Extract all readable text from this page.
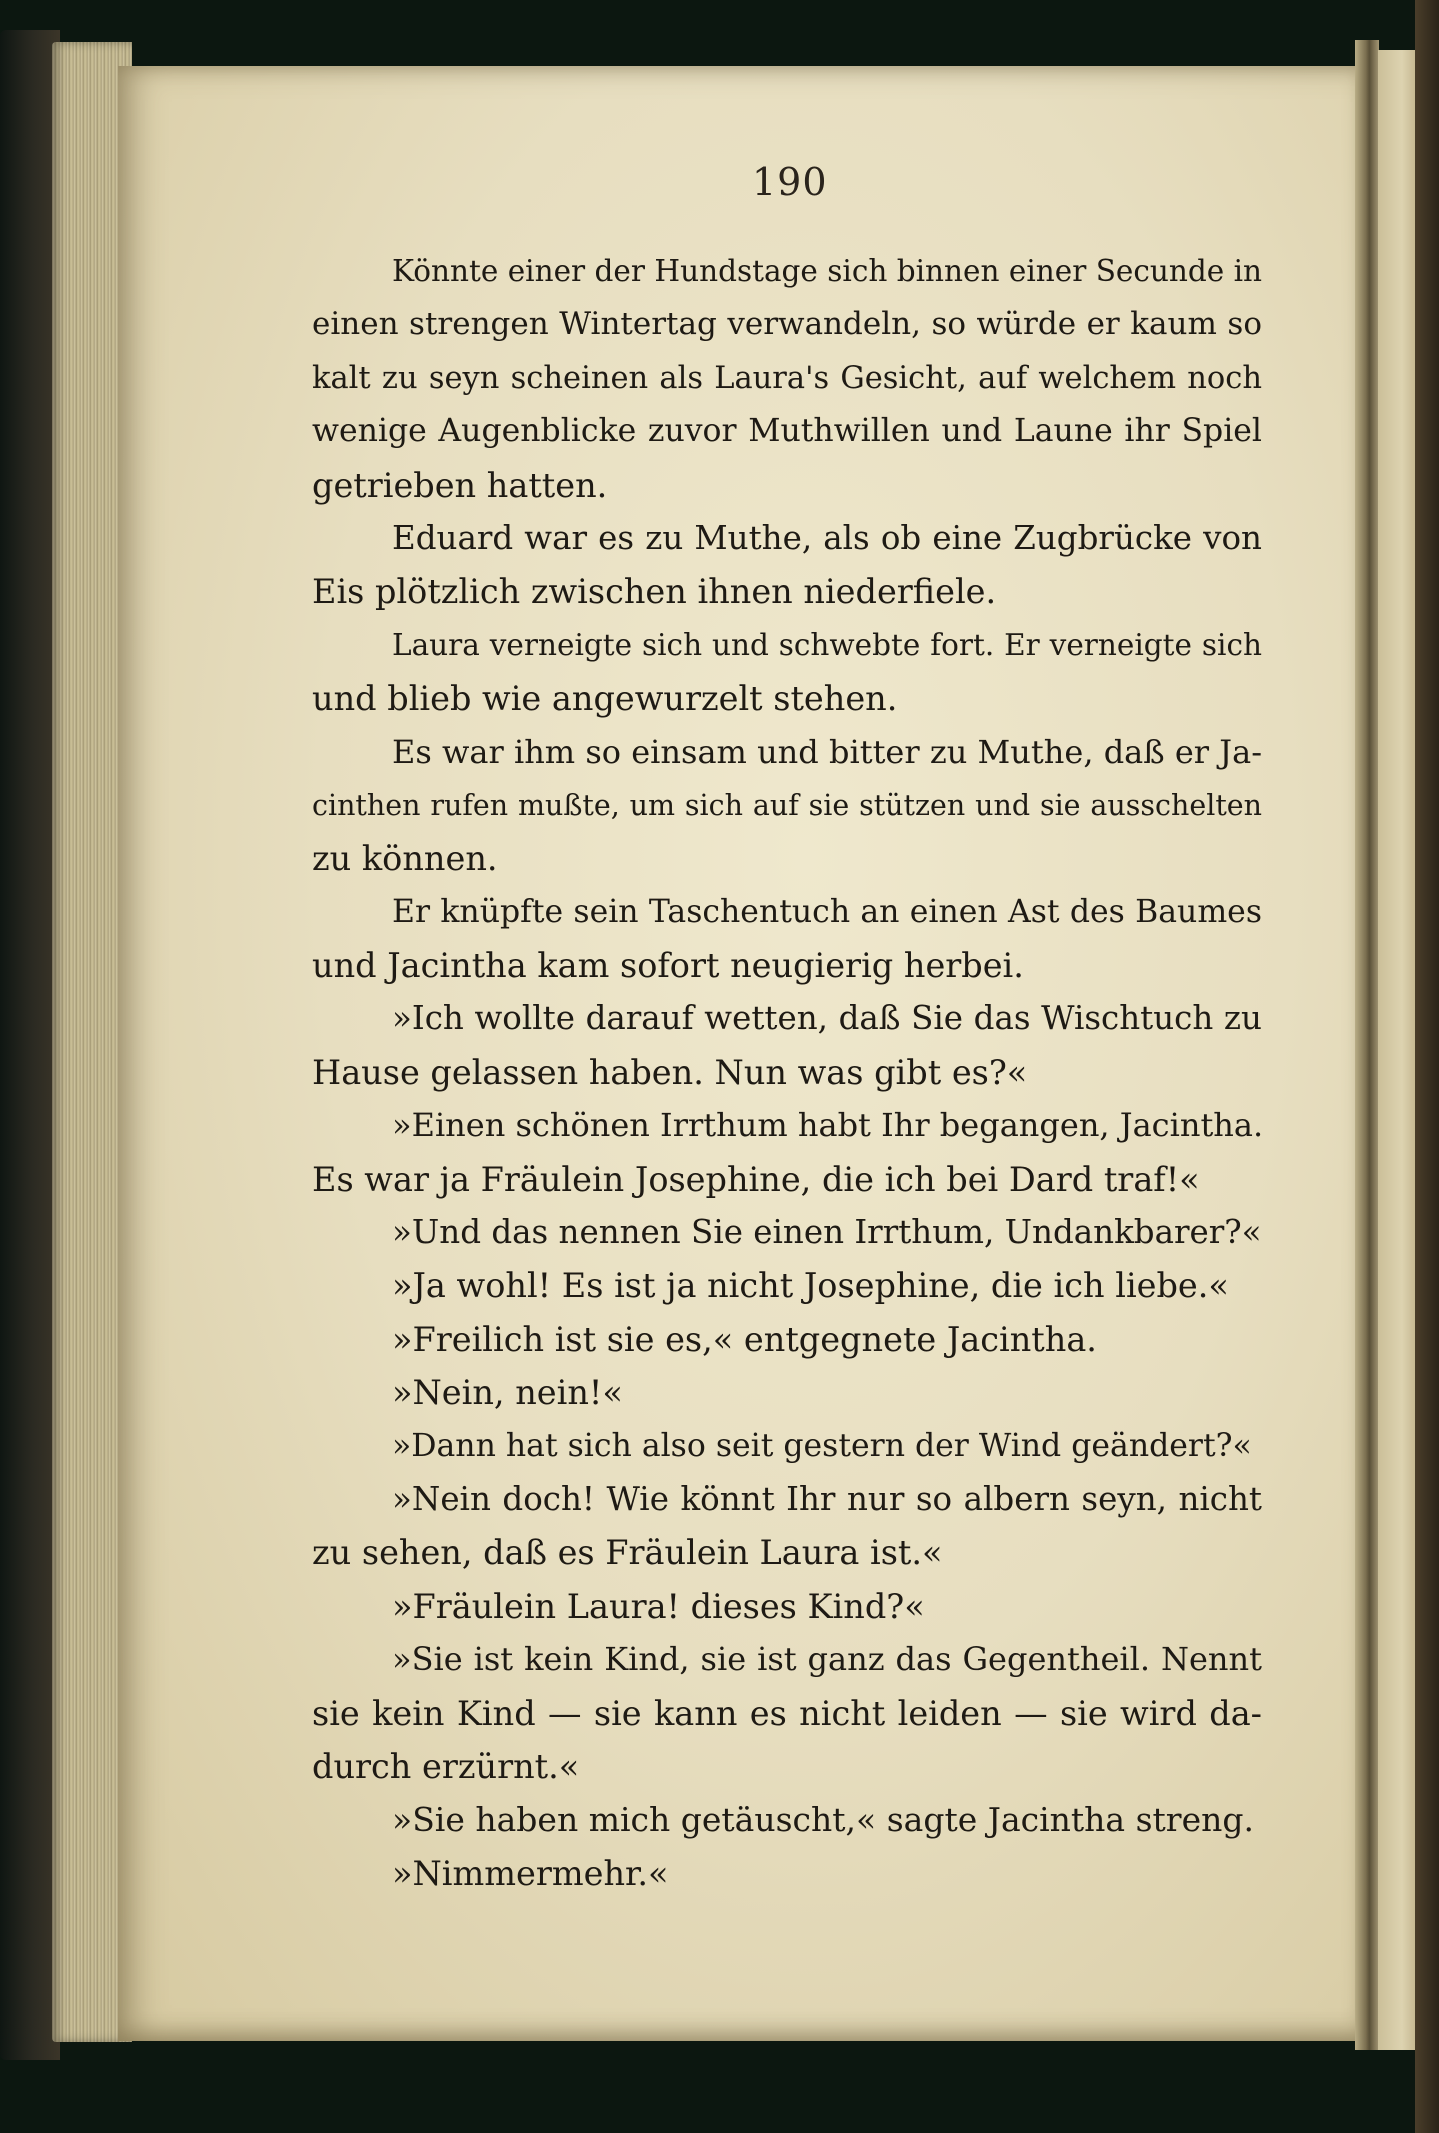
190
Könnte einer der Hundstage sich binnen einer Secunde in
einen strengen Wintertag verwandeln, so würde er kaum so
kalt zu seyn scheinen als Laura's Gesicht, auf welchem noch
wenige Augenblicke zuvor Muthwillen und Laune ihr Spiel
getrieben hatten.
Eduard war es zu Muthe, als ob eine Zugbrücke von
Eis plötzlich zwischen ihnen niederfiele.
Laura verneigte sich und schwebte fort. Er verneigte sich
und blieb wie angewurzelt stehen.
Es war ihm so einsam und bitter zu Muthe, daß er Ja-
cinthen rufen mußte, um sich auf sie stützen und sie ausschelten
zu können.
Er knüpfte sein Taschentuch an einen Ast des Baumes
und Jacintha kam sofort neugierig herbei.
»Ich wollte darauf wetten, daß Sie das Wischtuch zu
Hause gelassen haben. Nun was gibt es?«
»Einen schönen Irrthum habt Ihr begangen, Jacintha.
Es war ja Fräulein Josephine, die ich bei Dard traf!«
»Und das nennen Sie einen Irrthum, Undankbarer?«
»Ja wohl! Es ist ja nicht Josephine, die ich liebe.«
»Freilich ist sie es,« entgegnete Jacintha.
»Nein, nein!«
»Dann hat sich also seit gestern der Wind geändert?«
»Nein doch! Wie könnt Ihr nur so albern seyn, nicht
zu sehen, daß es Fräulein Laura ist.«
»Fräulein Laura! dieses Kind?«
»Sie ist kein Kind, sie ist ganz das Gegentheil. Nennt
sie kein Kind — sie kann es nicht leiden — sie wird da-
durch erzürnt.«
»Sie haben mich getäuscht,« sagte Jacintha streng.
»Nimmermehr.«
